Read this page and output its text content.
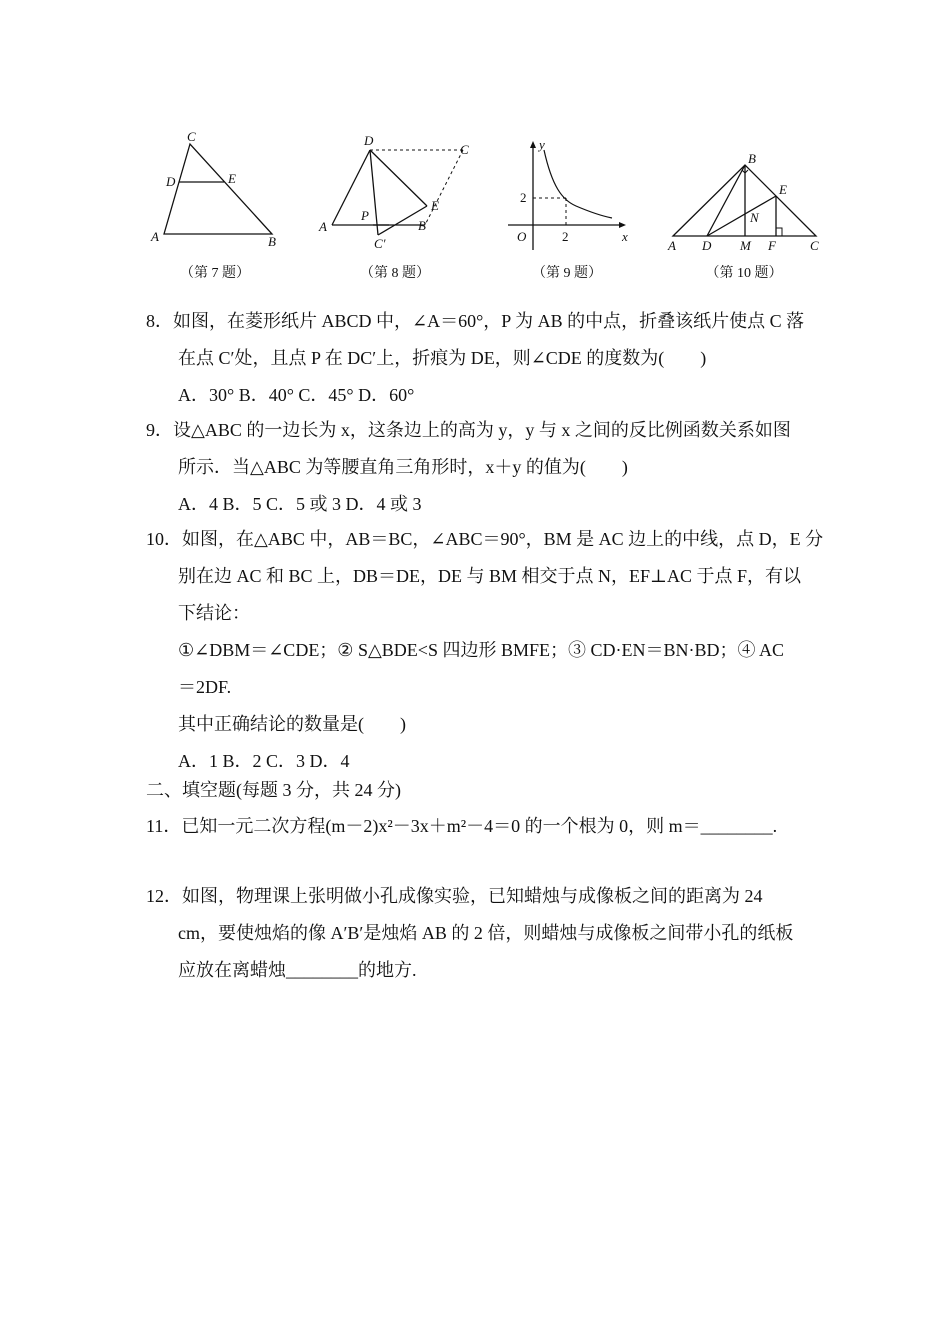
C
D	E
A	B
（第 7 题）
D
C
E
P
A	B
C′
（第 8 题）
y
x
O
2
2
（第 9 题）
B
E
N
A D M F	C
（第 10 题）
8．如图，在菱形纸片 ABCD 中，∠A＝60°，P 为 AB 的中点，折叠该纸片使点 C 落
在点 C′处，且点 P 在 DC′上，折痕为 DE，则∠CDE 的度数为(　　)
A．30° B．40° C．45° D．60°
9．设△ABC 的一边长为 x，这条边上的高为 y，y 与 x 之间的反比例函数关系如图
所示．当△ABC 为等腰直角三角形时，x＋y 的值为(　　)
A．4 B．5 C．5 或 3 D．4 或 3
10．如图，在△ABC 中，AB＝BC，∠ABC＝90°，BM 是 AC 边上的中线，点 D，E 分
别在边 AC 和 BC 上，DB＝DE，DE 与 BM 相交于点 N，EF⊥AC 于点 F，有以
下结论：
①∠DBM＝∠CDE；② S△BDE<S 四边形 BMFE；③ CD·EN＝BN·BD；④ AC
＝2DF.
其中正确结论的数量是(　　)
A．1 B．2 C．3 D．4
二、填空题(每题 3 分，共 24 分)
11．已知一元二次方程(m－2)x²－3x＋m²－4＝0 的一个根为 0，则 m＝________.
12．如图，物理课上张明做小孔成像实验，已知蜡烛与成像板之间的距离为 24
cm，要使烛焰的像 A′B′是烛焰 AB 的 2 倍，则蜡烛与成像板之间带小孔的纸板
应放在离蜡烛________的地方.
